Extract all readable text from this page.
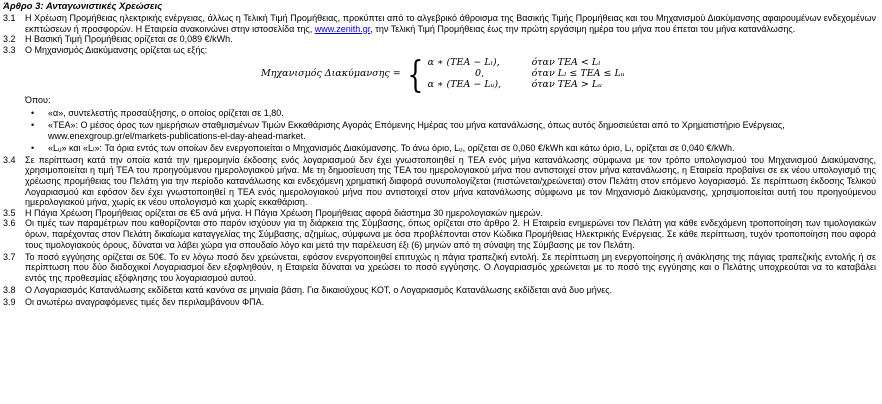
Άρθρο 3: Ανταγωνιστικές Χρεώσεις
3.1	Η Χρέωση Προμήθειας ηλεκτρικής ενέργειας, άλλως η Τελική Τιμή Προμήθειας, προκύπτει από το αλγεβρικό άθροισμα της Βασικής Τιμής Προμήθειας και του Μηχανισμού Διακύμανσης αφαιρουμένων ενδεχομένων εκπτώσεων ή προσφορών. Η Εταιρεία ανακοινώνει στην ιστοσελίδα της, www.zenith.gr, την Τελική Τιμή Προμήθειας έως την πρώτη εργάσιμη ημέρα του μήνα που έπεται του μήνα κατανάλωσης.
3.2	Η Βασική Τιμή Προμήθειας ορίζεται σε 0,089 €/kWh.
3.3	Ο Μηχανισμός Διακύμανσης ορίζεται ως εξής:
Μηχανισμός Διακύμανσης = { α ∗ (TEA − Lₗ),	όταν TEA < Lₗ
0,	όταν Lₗ ≤ TEA ≤ Lᵤ
α ∗ (TEA − Lᵤ),	όταν TEA > Lᵤ
Όπου:
• «α», συντελεστής προσαύξησης, ο οποίος ορίζεται σε 1,80.
• «ΤΕΑ»: Ο μέσος όρος των ημερήσιων σταθμισμένων Τιμών Εκκαθάρισης Αγοράς Επόμενης Ημέρας του μήνα κατανάλωσης, όπως αυτός δημοσιεύεται από το Χρηματιστήριο Ενέργειας, www.enexgroup.gr/el/markets-publications-el-day-ahead-market.
• «Lᵤ» και «Lₗ»: Τα όρια εντός των οποίων δεν ενεργοποιείται ο Μηχανισμός Διακύμανσης. Το άνω όριο, Lᵤ, ορίζεται σε 0,060 €/kWh και κάτω όριο, Lₗ, ορίζεται σε 0,040 €/kWh.
3.4	Σε περίπτωση κατά την οποία κατά την ημερομηνία έκδοσης ενός λογαριασμού δεν έχει γνωστοποιηθεί η ΤΕΑ ενός μήνα κατανάλωσης σύμφωνα με τον τρόπο υπολογισμού του Μηχανισμού Διακύμανσης, χρησιμοποιείται η τιμή ΤΕΑ του προηγούμενου ημερολογιακού μήνα. Με τη δημοσίευση της ΤΕΑ του ημερολογιακού μήνα που αντιστοιχεί στον μήνα κατανάλωσης, η Εταιρεία προβαίνει σε εκ νέου υπολογισμό της χρέωσης προμήθειας του Πελάτη για την περίοδο κατανάλωσης και ενδεχόμενη χρηματική διαφορά συνυπολογίζεται (πιστώνεται/χρεώνεται) στον Πελάτη στον επόμενο λογαριασμό. Σε περίπτωση έκδοσης Τελικού Λογαριασμού και εφόσον δεν έχει γνωστοποιηθεί η ΤΕΑ ενός ημερολογιακού μήνα που αντιστοιχεί στον μήνα κατανάλωσης σύμφωνα με τον Μηχανισμό Διακύμανσης, χρησιμοποιείται αυτή του προηγούμενου ημερολογιακού μήνα, χωρίς εκ νέου υπολογισμό και χωρίς εκκαθάριση.
3.5	Η Πάγια Χρέωση Προμήθειας ορίζεται σε €5 ανά μήνα. Η Πάγια Χρέωση Προμήθειας αφορά διάστημα 30 ημερολογιακών ημερών.
3.6	Οι τιμές των παραμέτρων που καθορίζονται στο παρόν ισχύουν για τη διάρκεια της Σύμβασης, όπως ορίζεται στο άρθρο 2. Η Εταιρεία ενημερώνει τον Πελάτη για κάθε ενδεχόμενη τροποποίηση των τιμολογιακών όρων, παρέχοντας στον Πελάτη δικαίωμα καταγγελίας της Σύμβασης, αζημίως, σύμφωνα με όσα προβλέπονται στον Κώδικα Προμήθειας Ηλεκτρικής Ενέργειας. Σε κάθε περίπτωση, τυχόν τροποποίηση που αφορά τους τιμολογιακούς όρους, δύναται να λάβει χώρα για σπουδαίο λόγο και μετά την παρέλευση έξι (6) μηνών από τη σύναψη της Σύμβασης με τον Πελάτη.
3.7	Το ποσό εγγύησης ορίζεται σε 50€. Το εν λόγω ποσό δεν χρεώνεται, εφόσον ενεργοποιηθεί επιτυχώς η πάγια τραπεζική εντολή. Σε περίπτωση μη ενεργοποίησης ή ανάκλησης της πάγιας τραπεζικής εντολής ή σε περίπτωση που δύο διαδοχικοί Λογαριασμοί δεν εξοφληθούν, η Εταιρεία δύναται να χρεώσει το ποσό εγγύησης. Ο Λογαριασμός χρεώνεται με το ποσό της εγγύησης και ο Πελάτης υποχρεούται να το καταβάλει εντός της προθεσμίας εξόφλησης του λογαριασμού αυτού.
3.8	Ο Λογαριασμός Κατανάλωσης εκδίδεται κατά κανόνα σε μηνιαία βάση. Για δικαιούχους ΚΟΤ, ο Λογαριασμός Κατανάλωσης εκδίδεται ανά δυο μήνες.
3.9	Οι ανωτέρω αναγραφόμενες τιμές δεν περιλαμβάνουν ΦΠΑ.
